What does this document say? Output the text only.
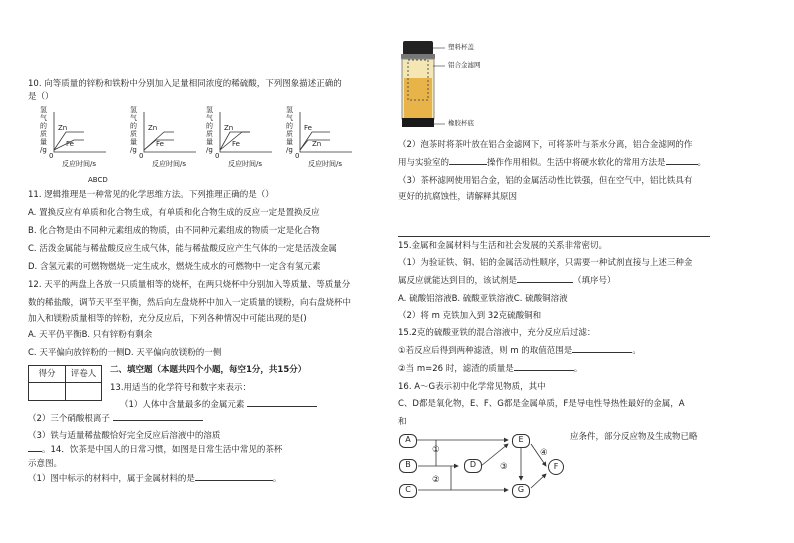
10. 向等质量的锌粉和铁粉中分别加入足量相同浓度的稀硫酸，下列图象描述正确的
是（）
氢
气
的
质
量
/g
Zn
Fe
0
反应时间/s
氢
气
的
质
量
/g
Zn
Fe
0
反应时间/s
氢
气
的
质
量
/g
Zn
Fe
0
反应时间/s
氢
气
的
质
量
/g
Fe
Zn
0
反应时间/s
ABCD
11. 逻辑推理是一种常见的化学思维方法。下列推理正确的是（）
A. 置换反应有单质和化合物生成，有单质和化合物生成的反应一定是置换反应
B. 化合物是由不同种元素组成的物质，由不同种元素组成的物质一定是化合物
C. 活泼金属能与稀盐酸反应生成气体，能与稀盐酸反应产生气体的一定是活泼金属
D. 含氢元素的可燃物燃烧一定生成水，燃烧生成水的可燃物中一定含有氢元素
12. 天平的两盘上各放一只质量相等的烧杯，在两只烧杯中分别加入等质量、等质量分
数的稀盐酸，调节天平至平衡，然后向左盘烧杯中加入一定质量的镁粉，向右盘烧杯中
加入和镁粉质量相等的锌粉，充分反应后，下列各种情况中可能出现的是()
A. 天平仍平衡B. 只有锌粉有剩余
C. 天平偏向放锌粉的一侧D. 天平偏向放镁粉的一侧
得分	评卷人	二、填空题（本题共四个小题，每空1分，共15分）
13.用适当的化学符号和数字来表示：
（1）人体中含量最多的金属元素
（2）三个硝酸根离子
（3）铁与适量稀盐酸恰好完全反应后溶液中的溶质
。14．饮茶是中国人的日常习惯，如图是日常生活中常见的茶杯
示意图。
（1）图中标示的材料中，属于金属材料的是	。
塑料杯盖
铝合金滤网
橡胶杯底
（2）泡茶时将茶叶放在铝合金滤网下，可将茶叶与茶水分离，铝合金滤网的作
用与实验室的	操作作用相似。生活中将硬水软化的常用方法是	。
（3）茶杯滤网使用铝合金，铝的金属活动性比铁强，但在空气中，铝比铁具有
更好的抗腐蚀性，请解释其原因
15.金属和金属材料与生活和社会发展的关系非常密切。
（1）为验证铁、铜、铝的金属活动性顺序，只需要一种试剂直接与上述三种金
属反应就能达到目的，该试剂是	（填序号）
A. 硫酸铝溶液B. 硫酸亚铁溶液C. 硫酸铜溶液
（2）将 m 克铁加入到 32克硫酸铜和
15.2克的硫酸亚铁的混合溶液中，充分反应后过滤：
①若反应后得到两种滤渣，则 m 的取值范围是	。
②当 m=26 时，滤渣的质量是	。
16. A～G表示初中化学常见物质，其中
C、D都是氧化物，E、F、G都是金属单质，F是导电性导热性最好的金属，A
和
应条件，部分反应物及生成物已略
A
B
C
D
E
G
F
①
②
③
④
